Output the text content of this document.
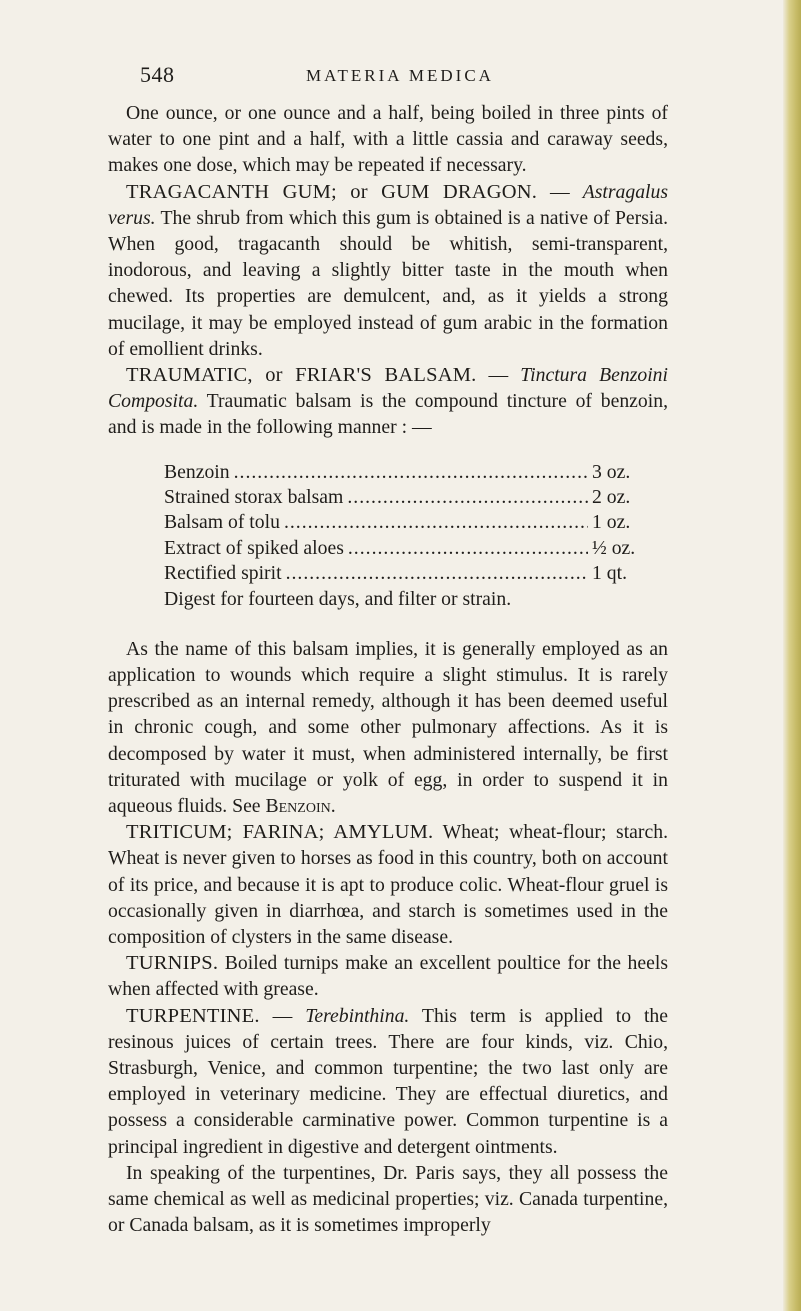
548	MATERIA MEDICA

One ounce, or one ounce and a half, being boiled in three pints of water to one pint and a half, with a little cassia and caraway seeds, makes one dose, which may be repeated if necessary.

TRAGACANTH GUM; or GUM DRAGON. — Astragalus verus. The shrub from which this gum is obtained is a native of Persia. When good, tragacanth should be whitish, semi-transparent, inodorous, and leaving a slightly bitter taste in the mouth when chewed. Its properties are demulcent, and, as it yields a strong mucilage, it may be employed instead of gum arabic in the formation of emollient drinks.

TRAUMATIC, or FRIAR'S BALSAM. — Tinctura Benzoini Composita. Traumatic balsam is the compound tincture of benzoin, and is made in the following manner : —

Benzoin .....	3 oz.
Strained storax balsam .....	2 oz.
Balsam of tolu .....	1 oz.
Extract of spiked aloes .....	½ oz.
Rectified spirit .....	1 qt.

Digest for fourteen days, and filter or strain.

As the name of this balsam implies, it is generally employed as an application to wounds which require a slight stimulus. It is rarely prescribed as an internal remedy, although it has been deemed useful in chronic cough, and some other pulmonary affections. As it is decomposed by water it must, when administered internally, be first triturated with mucilage or yolk of egg, in order to suspend it in aqueous fluids. See Benzoin.

TRITICUM; FARINA; AMYLUM. Wheat; wheat-flour; starch. Wheat is never given to horses as food in this country, both on account of its price, and because it is apt to produce colic. Wheat-flour gruel is occasionally given in diarrhœa, and starch is sometimes used in the composition of clysters in the same disease.

TURNIPS. Boiled turnips make an excellent poultice for the heels when affected with grease.

TURPENTINE. — Terebinthina. This term is applied to the resinous juices of certain trees. There are four kinds, viz. Chio, Strasburgh, Venice, and common turpentine; the two last only are employed in veterinary medicine. They are effectual diuretics, and possess a considerable carminative power. Common turpentine is a principal ingredient in digestive and detergent ointments.

In speaking of the turpentines, Dr. Paris says, they all possess the same chemical as well as medicinal properties; viz. Canada turpentine, or Canada balsam, as it is sometimes improperly
